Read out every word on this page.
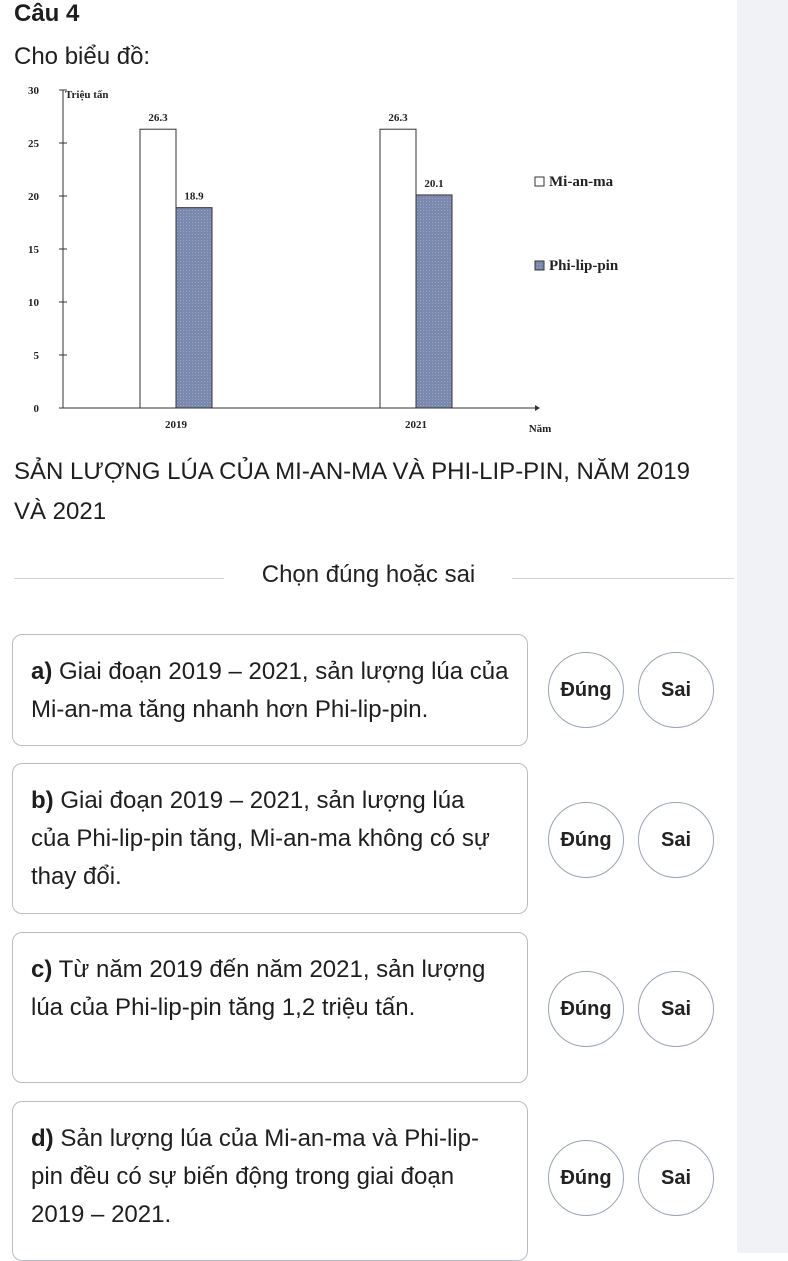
Câu 4
Cho biểu đồ:
0
5
10
15
20
25
30 Triệu tấn
26.3
18.9
2019
26.3
20.1
2021	Năm
Mi-an-ma
Phi-lip-pin
SẢN LƯỢNG LÚA CỦA MI-AN-MA VÀ PHI-LIP-PIN, NĂM 2019 VÀ 2021
Chọn đúng hoặc sai
a) Giai đoạn 2019 – 2021, sản lượng lúa của Mi-an-ma tăng nhanh hơn Phi-lip-pin.
Đúng	Sai
b) Giai đoạn 2019 – 2021, sản lượng lúa của Phi-lip-pin tăng, Mi-an-ma không có sự thay đổi.
Đúng	Sai
c) Từ năm 2019 đến năm 2021, sản lượng lúa của Phi-lip-pin tăng 1,2 triệu tấn.	Đúng	Sai
d) Sản lượng lúa của Mi-an-ma và Phi-lip-pin đều có sự biến động trong giai đoạn 2019 – 2021.
Đúng	Sai
